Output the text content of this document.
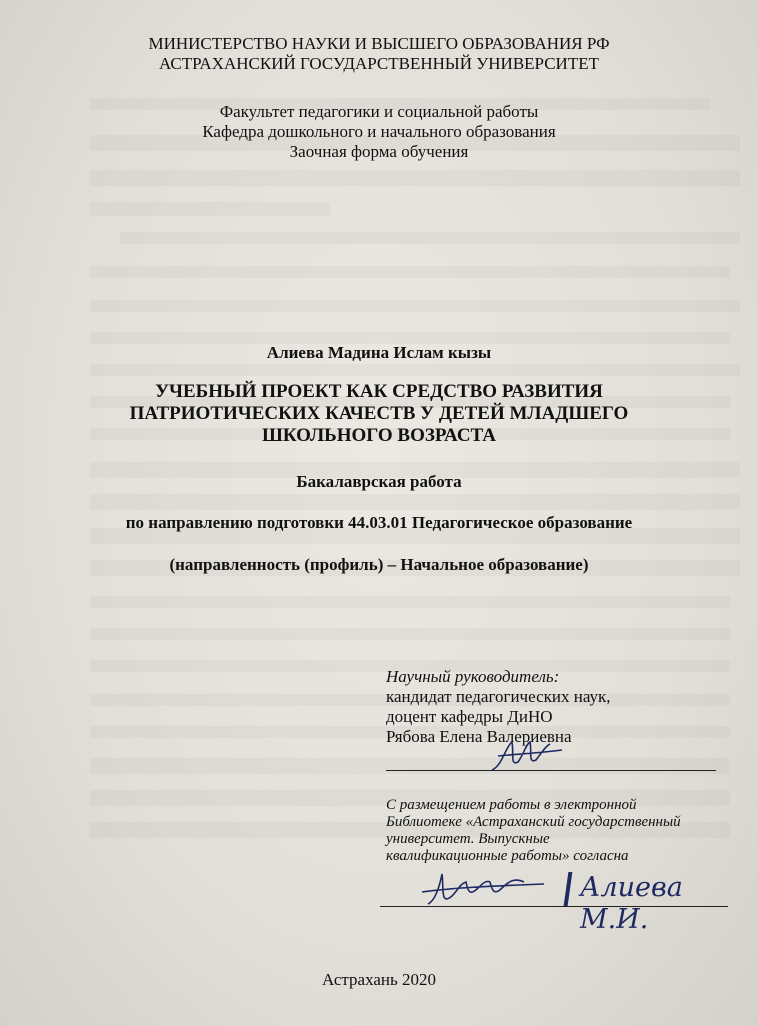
МИНИСТЕРСТВО НАУКИ И ВЫСШЕГО ОБРАЗОВАНИЯ РФ
АСТРАХАНСКИЙ ГОСУДАРСТВЕННЫЙ УНИВЕРСИТЕТ
Факультет педагогики и социальной работы
Кафедра дошкольного и начального образования
Заочная форма обучения
Алиева Мадина Ислам кызы
УЧЕБНЫЙ ПРОЕКТ КАК СРЕДСТВО РАЗВИТИЯ
ПАТРИОТИЧЕСКИХ КАЧЕСТВ У ДЕТЕЙ МЛАДШЕГО
ШКОЛЬНОГО ВОЗРАСТА
Бакалаврская работа
по направлению подготовки 44.03.01 Педагогическое образование
(направленность (профиль) – Начальное образование)
Научный руководитель:
кандидат педагогических наук,
доцент кафедры ДиНО
Рябова Елена Валериевна
С размещением работы в электронной
Библиотеке «Астраханский государственный
университет. Выпускные
квалификационные работы» согласна
Алиева М.И.
Астрахань 2020
